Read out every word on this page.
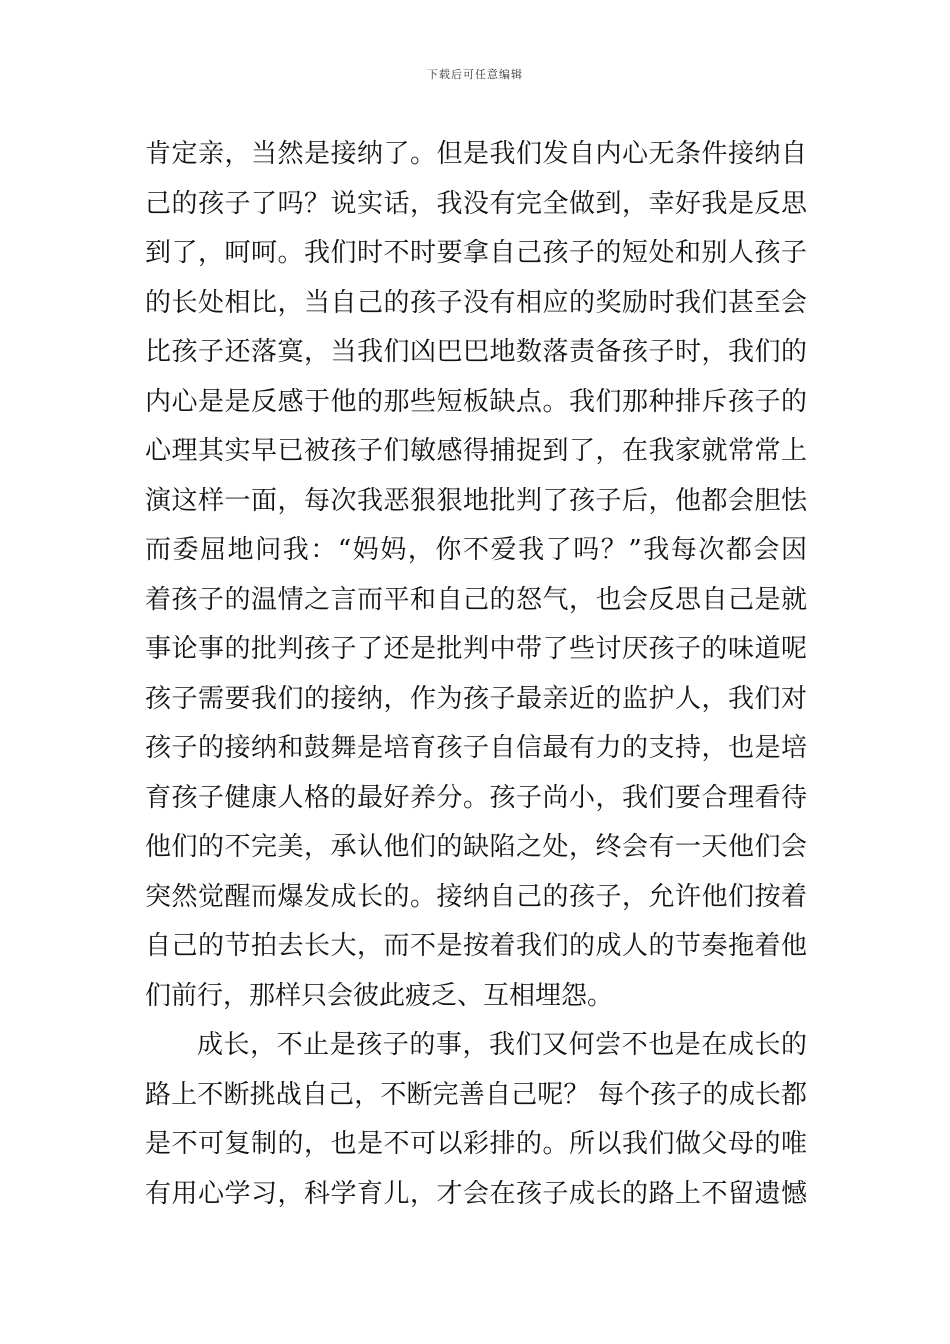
下载后可任意编辑
肯定亲，当然是接纳了。但是我们发自内心无条件接纳自
己的孩子了吗？说实话，我没有完全做到，幸好我是反思
到了，呵呵。我们时不时要拿自己孩子的短处和别人孩子
的长处相比，当自己的孩子没有相应的奖励时我们甚至会
比孩子还落寞，当我们凶巴巴地数落责备孩子时，我们的
内心是是反感于他的那些短板缺点。我们那种排斥孩子的
心理其实早已被孩子们敏感得捕捉到了，在我家就常常上
演这样一面，每次我恶狠狠地批判了孩子后，他都会胆怯
而委屈地问我：“妈妈，你不爱我了吗？”我每次都会因
着孩子的温情之言而平和自己的怒气，也会反思自己是就
事论事的批判孩子了还是批判中带了些讨厌孩子的味道呢
孩子需要我们的接纳，作为孩子最亲近的监护人，我们对
孩子的接纳和鼓舞是培育孩子自信最有力的支持，也是培
育孩子健康人格的最好养分。孩子尚小，我们要合理看待
他们的不完美，承认他们的缺陷之处，终会有一天他们会
突然觉醒而爆发成长的。接纳自己的孩子，允许他们按着
自己的节拍去长大，而不是按着我们的成人的节奏拖着他
们前行，那样只会彼此疲乏、互相埋怨。
成长，不止是孩子的事，我们又何尝不也是在成长的
路上不断挑战自己，不断完善自己呢？ 每个孩子的成长都
是不可复制的，也是不可以彩排的。所以我们做父母的唯
有用心学习，科学育儿，才会在孩子成长的路上不留遗憾
